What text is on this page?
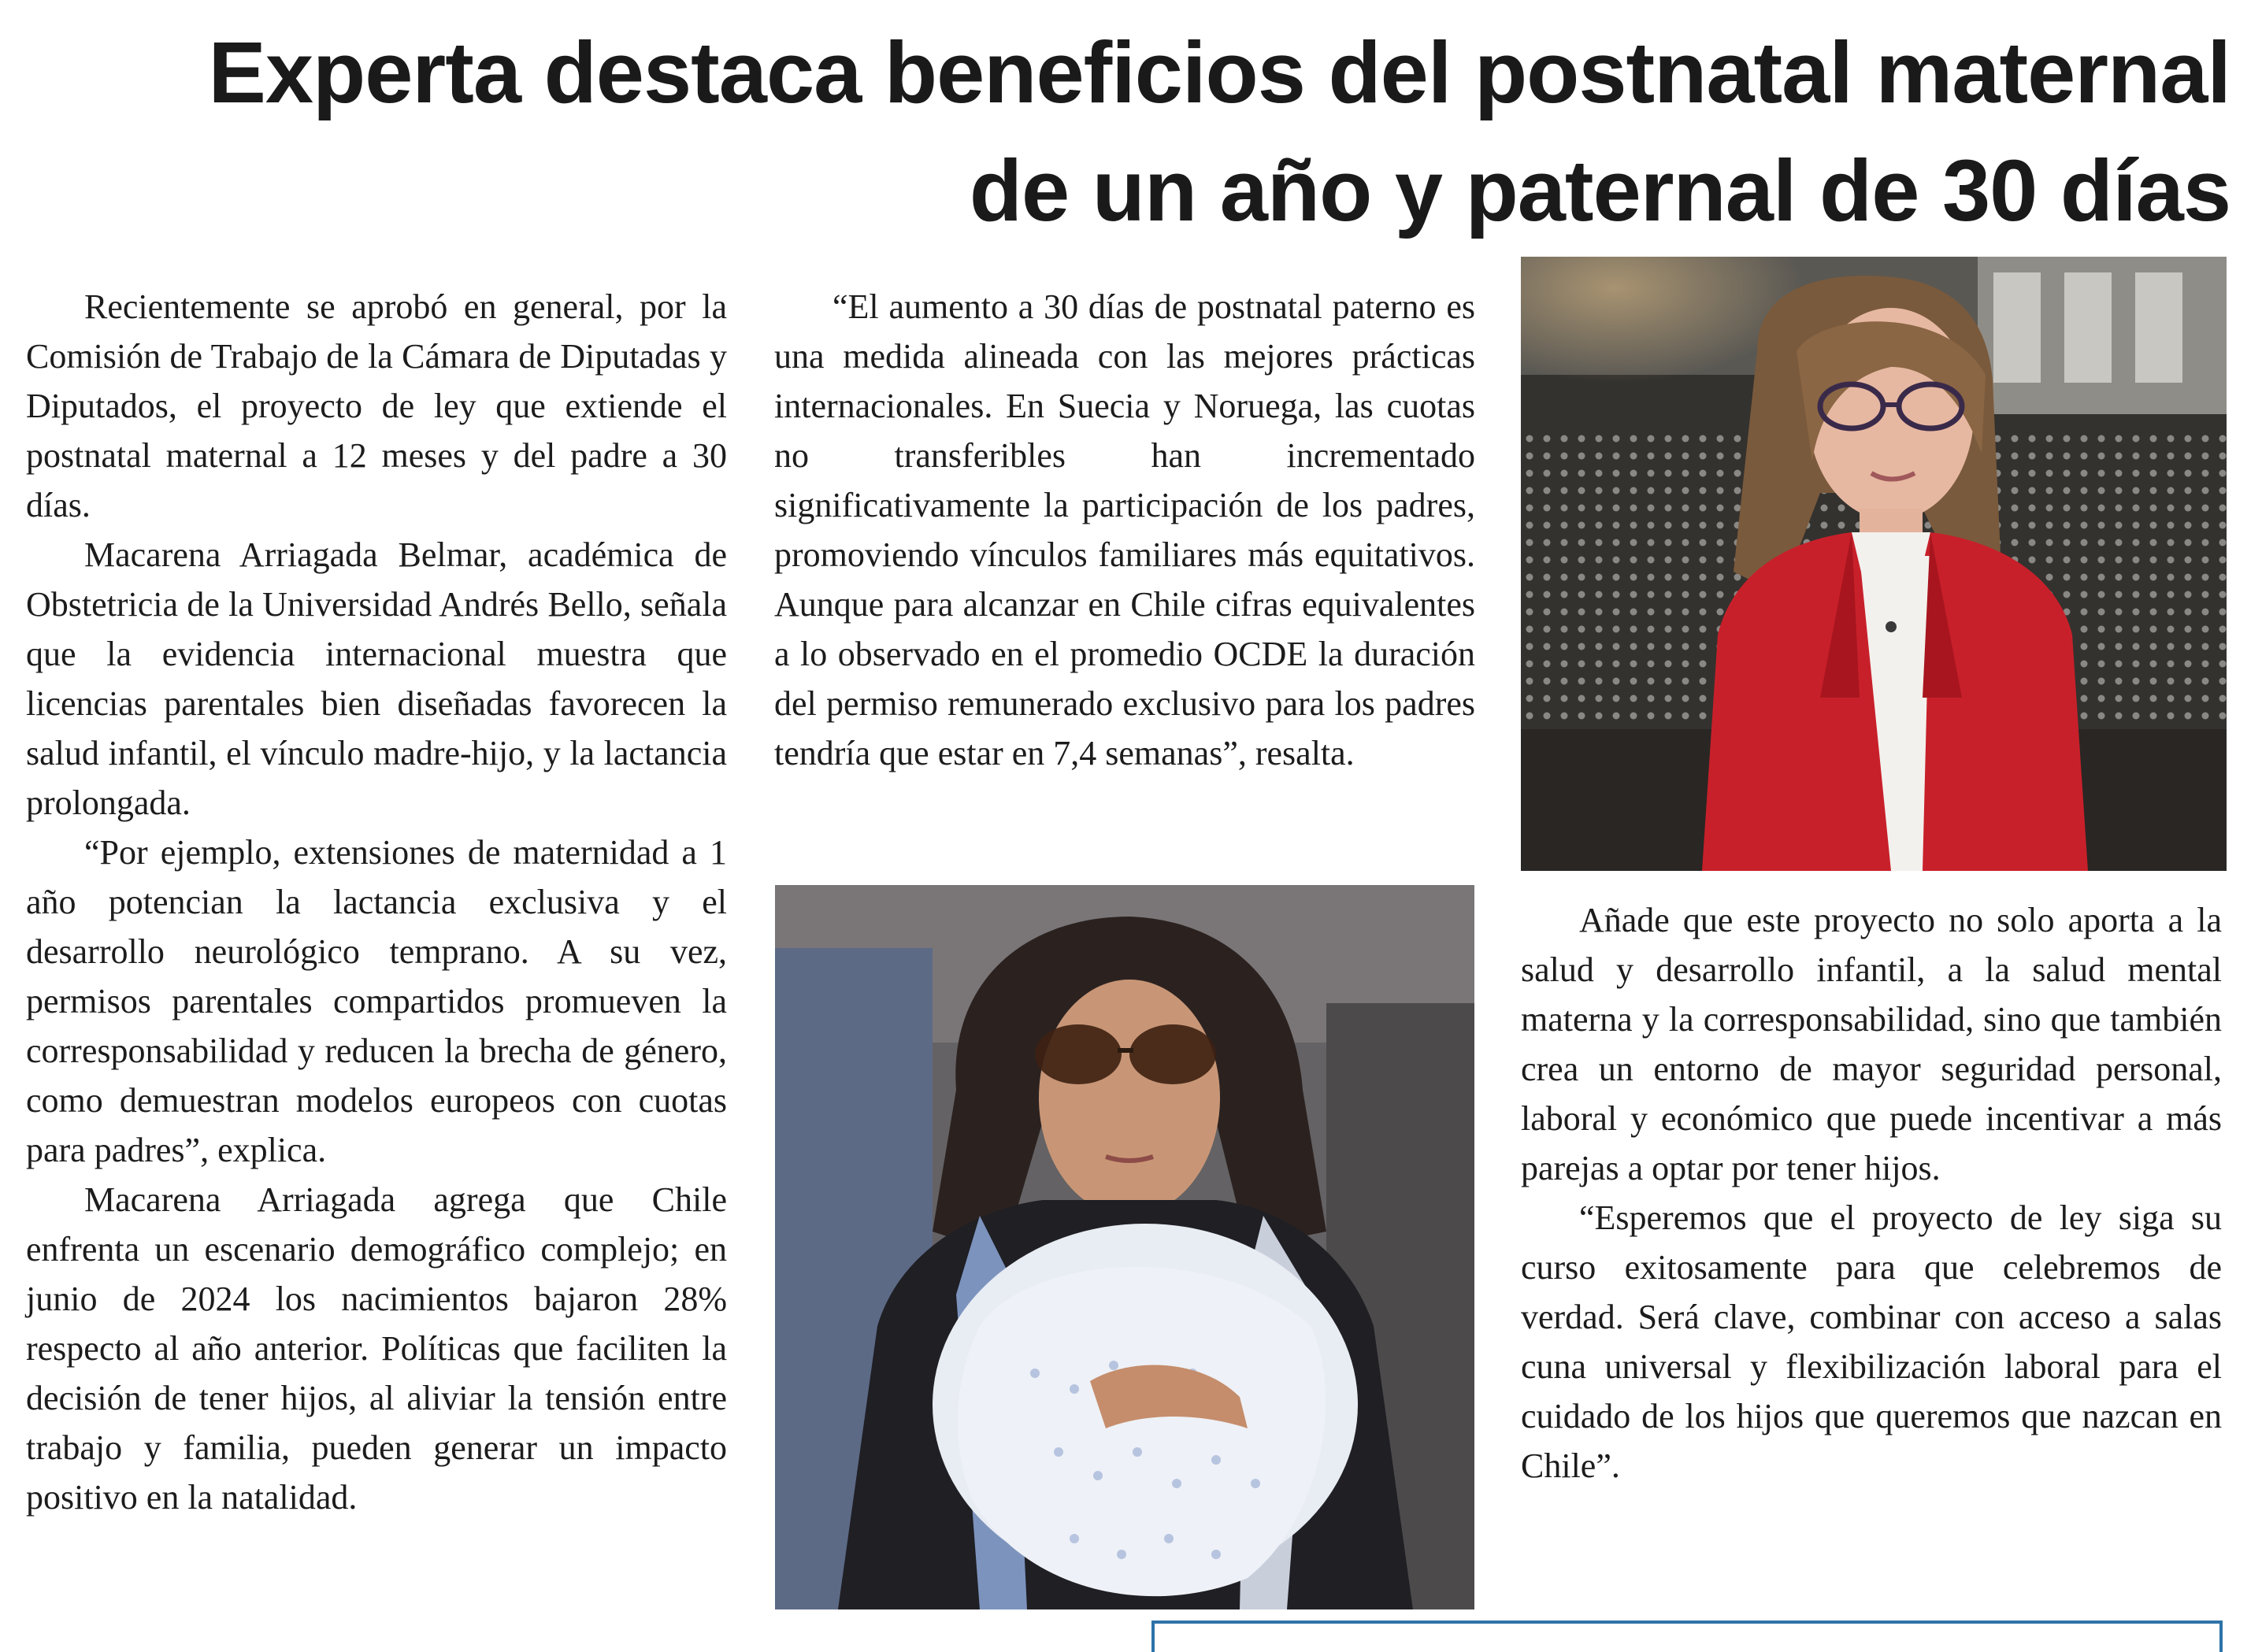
Experta destaca beneficios del postnatal maternal
de un año y paternal de 30 días

Recientemente se aprobó en general, por la Comisión de Trabajo de la Cámara de Diputadas y Diputados, el proyecto de ley que extiende el postnatal maternal a 12 meses y del padre a 30 días.

Macarena Arriagada Belmar, académica de Obstetricia de la Universidad Andrés Bello, señala que la evidencia internacional muestra que licencias parentales bien diseñadas favorecen la salud infantil, el vínculo madre-hijo, y la lactancia prolongada.

“Por ejemplo, extensiones de maternidad a 1 año potencian la lactancia exclusiva y el desarrollo neurológico temprano. A su vez, permisos parentales compartidos promueven la corresponsabilidad y reducen la brecha de género, como demuestran modelos europeos con cuotas para padres”, explica.

Macarena Arriagada agrega que Chile enfrenta un escenario demográfico complejo; en junio de 2024 los nacimientos bajaron 28% respecto al año anterior. Políticas que faciliten la decisión de tener hijos, al aliviar la tensión entre trabajo y familia, pueden generar un impacto positivo en la natalidad.

“El aumento a 30 días de postnatal paterno es una medida alineada con las mejores prácticas internacionales. En Suecia y Noruega, las cuotas no transferibles han incrementado significativamente la participación de los padres, promoviendo vínculos familiares más equitativos. Aunque para alcanzar en Chile cifras equivalentes a lo observado en el promedio OCDE la duración del permiso remunerado exclusivo para los padres tendría que estar en 7,4 semanas”, resalta.

Añade que este proyecto no solo aporta a la salud y desarrollo infantil, a la salud mental materna y la corresponsabilidad, sino que también crea un entorno de mayor seguridad personal, laboral y económico que puede incentivar a más parejas a optar por tener hijos.

“Esperemos que el proyecto de ley siga su curso exitosamente para que celebremos de verdad. Será clave, combinar con acceso a salas cuna universal y flexibilización laboral para el cuidado de los hijos que queremos que nazcan en Chile”.
